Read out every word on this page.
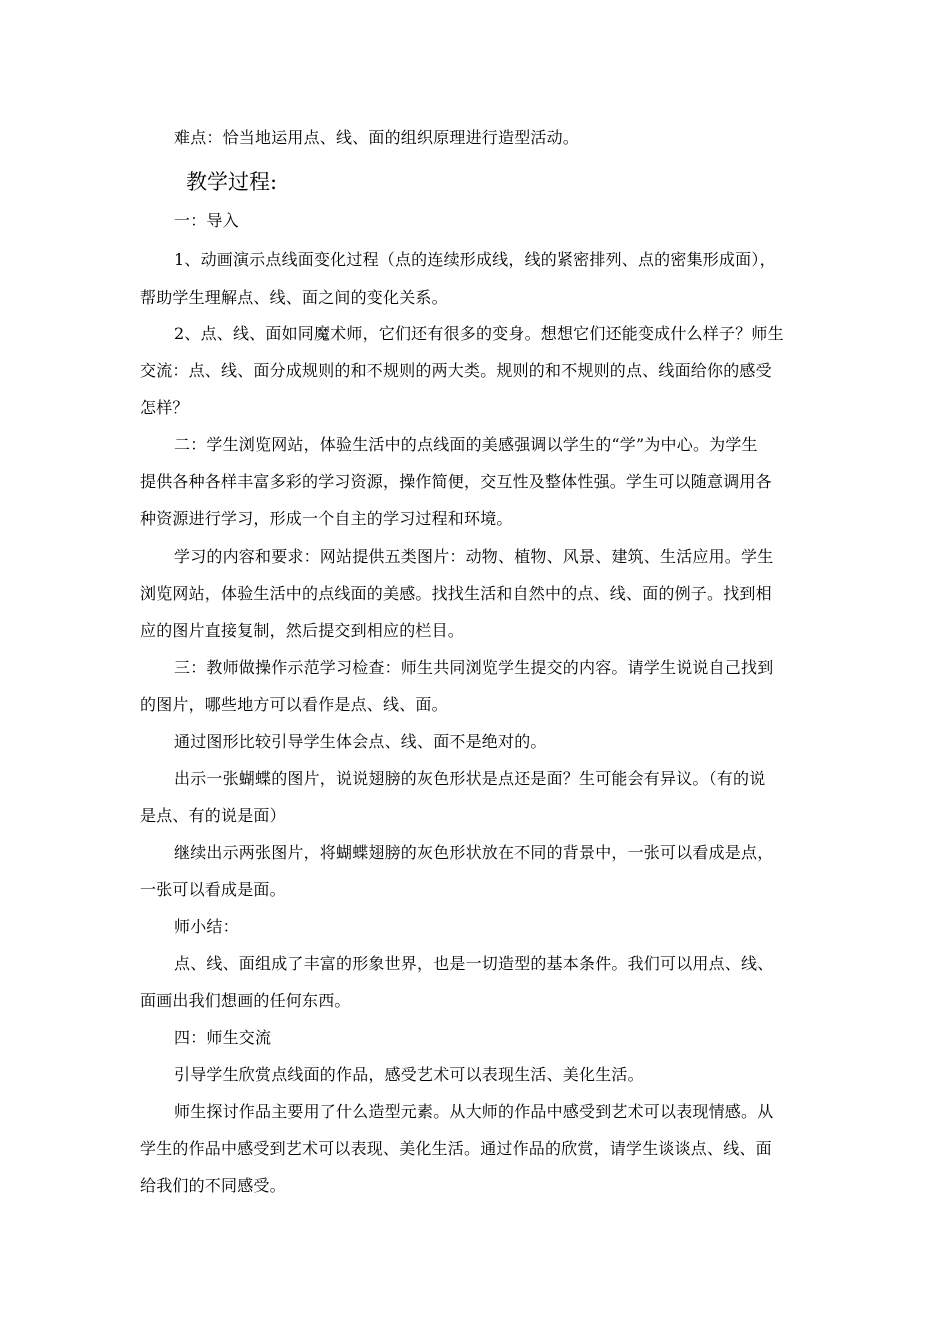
难点：恰当地运用点、线、面的组织原理进行造型活动。
教学过程:
一：导入
1、动画演示点线面变化过程（点的连续形成线，线的紧密排列、点的密集形成面），
帮助学生理解点、线、面之间的变化关系。
2、点、线、面如同魔术师，它们还有很多的变身。想想它们还能变成什么样子？师生
交流：点、线、面分成规则的和不规则的两大类。规则的和不规则的点、线面给你的感受
怎样？
二：学生浏览网站，体验生活中的点线面的美感强调以学生的“学”为中心。为学生
提供各种各样丰富多彩的学习资源，操作简便，交互性及整体性强。学生可以随意调用各
种资源进行学习，形成一个自主的学习过程和环境。
学习的内容和要求：网站提供五类图片：动物、植物、风景、建筑、生活应用。学生
浏览网站，体验生活中的点线面的美感。找找生活和自然中的点、线、面的例子。找到相
应的图片直接复制，然后提交到相应的栏目。
三：教师做操作示范学习检查：师生共同浏览学生提交的内容。请学生说说自己找到
的图片，哪些地方可以看作是点、线、面。
通过图形比较引导学生体会点、线、面不是绝对的。
出示一张蝴蝶的图片，说说翅膀的灰色形状是点还是面？生可能会有异议。（有的说
是点、有的说是面）
继续出示两张图片，将蝴蝶翅膀的灰色形状放在不同的背景中，一张可以看成是点，
一张可以看成是面。
师小结：
点、线、面组成了丰富的形象世界，也是一切造型的基本条件。我们可以用点、线、
面画出我们想画的任何东西。
四：师生交流
引导学生欣赏点线面的作品，感受艺术可以表现生活、美化生活。
师生探讨作品主要用了什么造型元素。从大师的作品中感受到艺术可以表现情感。从
学生的作品中感受到艺术可以表现、美化生活。通过作品的欣赏，请学生谈谈点、线、面
给我们的不同感受。
